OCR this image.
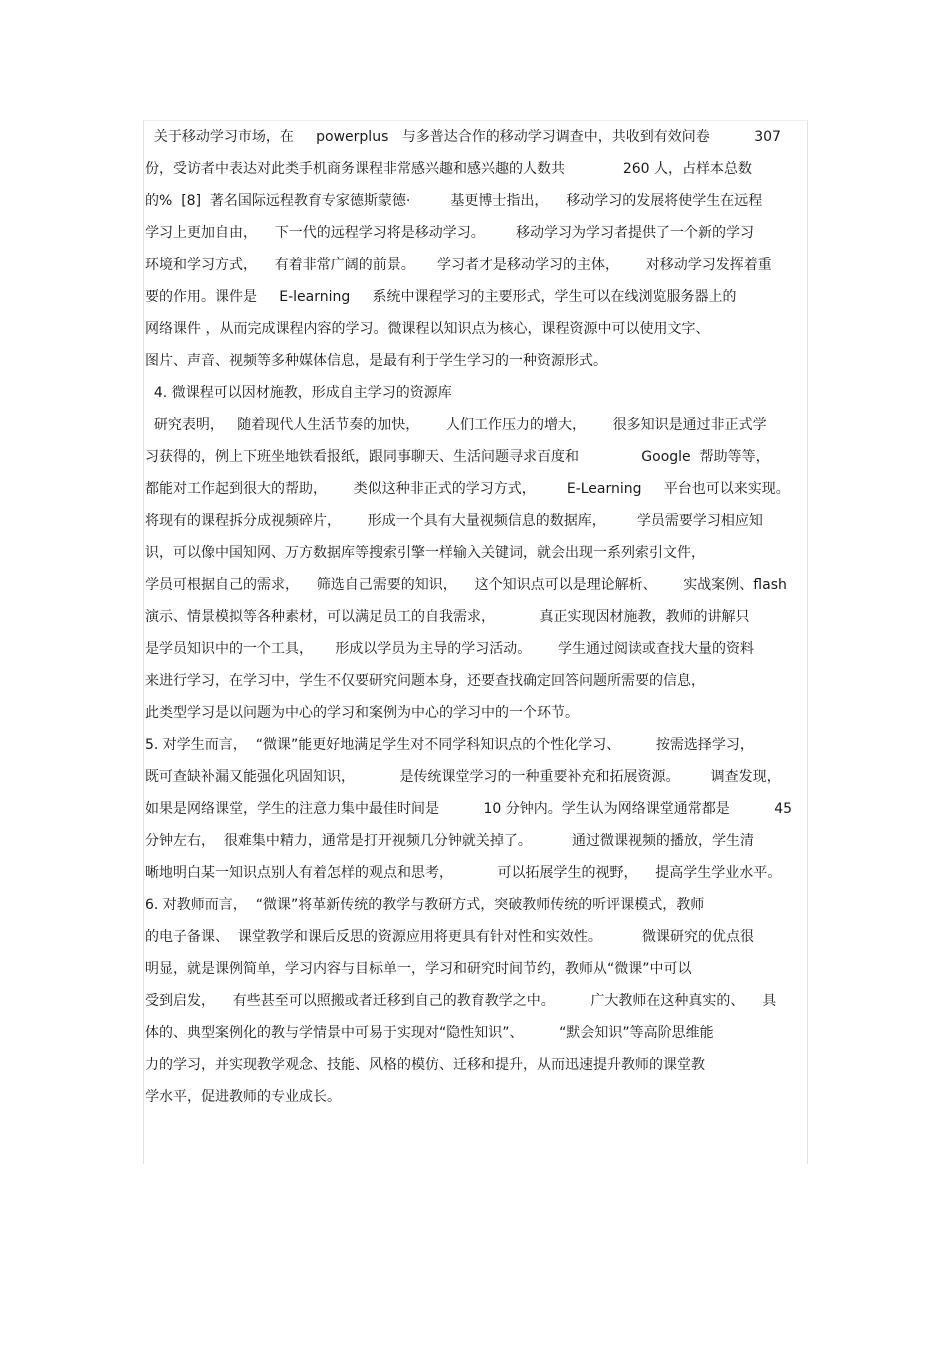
关于移动学习市场，在     powerplus   与多普达合作的移动学习调查中，共收到有效问卷          307
份，受访者中表达对此类手机商务课程非常感兴趣和感兴趣的人数共             260 人，占样本总数
的%  [8]  著名国际远程教育专家德斯蒙德·         基更博士指出，    移动学习的发展将使学生在远程
学习上更加自由，    下一代的远程学习将是移动学习。       移动学习为学习者提供了一个新的学习
环境和学习方式，    有着非常广阔的前景。     学习者才是移动学习的主体，      对移动学习发挥着重
要的作用。课件是     E-learning     系统中课程学习的主要形式，学生可以在线浏览服务器上的
网络课件 ，从而完成课程内容的学习。微课程以知识点为核心，课程资源中可以使用文字、
图片、声音、视频等多种媒体信息，是最有利于学生学习的一种资源形式。
4. 微课程可以因材施教，形成自主学习的资源库
研究表明，   随着现代人生活节奏的加快，      人们工作压力的增大，      很多知识是通过非正式学
习获得的，例上下班坐地铁看报纸，跟同事聊天、生活问题寻求百度和              Google  帮助等等，
都能对工作起到很大的帮助，      类似这种非正式的学习方式，       E-Learning     平台也可以来实现。
将现有的课程拆分成视频碎片，      形成一个具有大量视频信息的数据库，       学员需要学习相应知
识，可以像中国知网、万方数据库等搜索引擎一样输入关键词，就会出现一系列索引文件，
学员可根据自己的需求，    筛选自己需要的知识，    这个知识点可以是理论解析、      实战案例、flash
演示、情景模拟等各种素材，可以满足员工的自我需求，          真正实现因材施教，教师的讲解只
是学员知识中的一个工具，     形成以学员为主导的学习活动。      学生通过阅读或查找大量的资料
来进行学习，在学习中，学生不仅要研究问题本身，还要查找确定回答问题所需要的信息，
此类型学习是以问题为中心的学习和案例为中心的学习中的一个环节。
5. 对学生而言，  “微课”能更好地满足学生对不同学科知识点的个性化学习、        按需选择学习，
既可查缺补漏又能强化巩固知识，          是传统课堂学习的一种重要补充和拓展资源。       调查发现，
如果是网络课堂，学生的注意力集中最佳时间是          10 分钟内。学生认为网络课堂通常都是          45
分钟左右，  很难集中精力，通常是打开视频几分钟就关掉了。         通过微课视频的播放，学生清
晰地明白某一知识点别人有着怎样的观点和思考，          可以拓展学生的视野，    提高学生学业水平。
6. 对教师而言，  “微课”将革新传统的教学与教研方式，突破教师传统的听评课模式，教师
的电子备课、  课堂教学和课后反思的资源应用将更具有针对性和实效性。         微课研究的优点很
明显，就是课例简单，学习内容与目标单一，学习和研究时间节约，教师从“微课”中可以
受到启发，    有些甚至可以照搬或者迁移到自己的教育教学之中。        广大教师在这种真实的、    具
体的、典型案例化的教与学情景中可易于实现对“隐性知识”、        “默会知识”等高阶思维能
力的学习，并实现教学观念、技能、风格的模仿、迁移和提升，从而迅速提升教师的课堂教
学水平，促进教师的专业成长。
